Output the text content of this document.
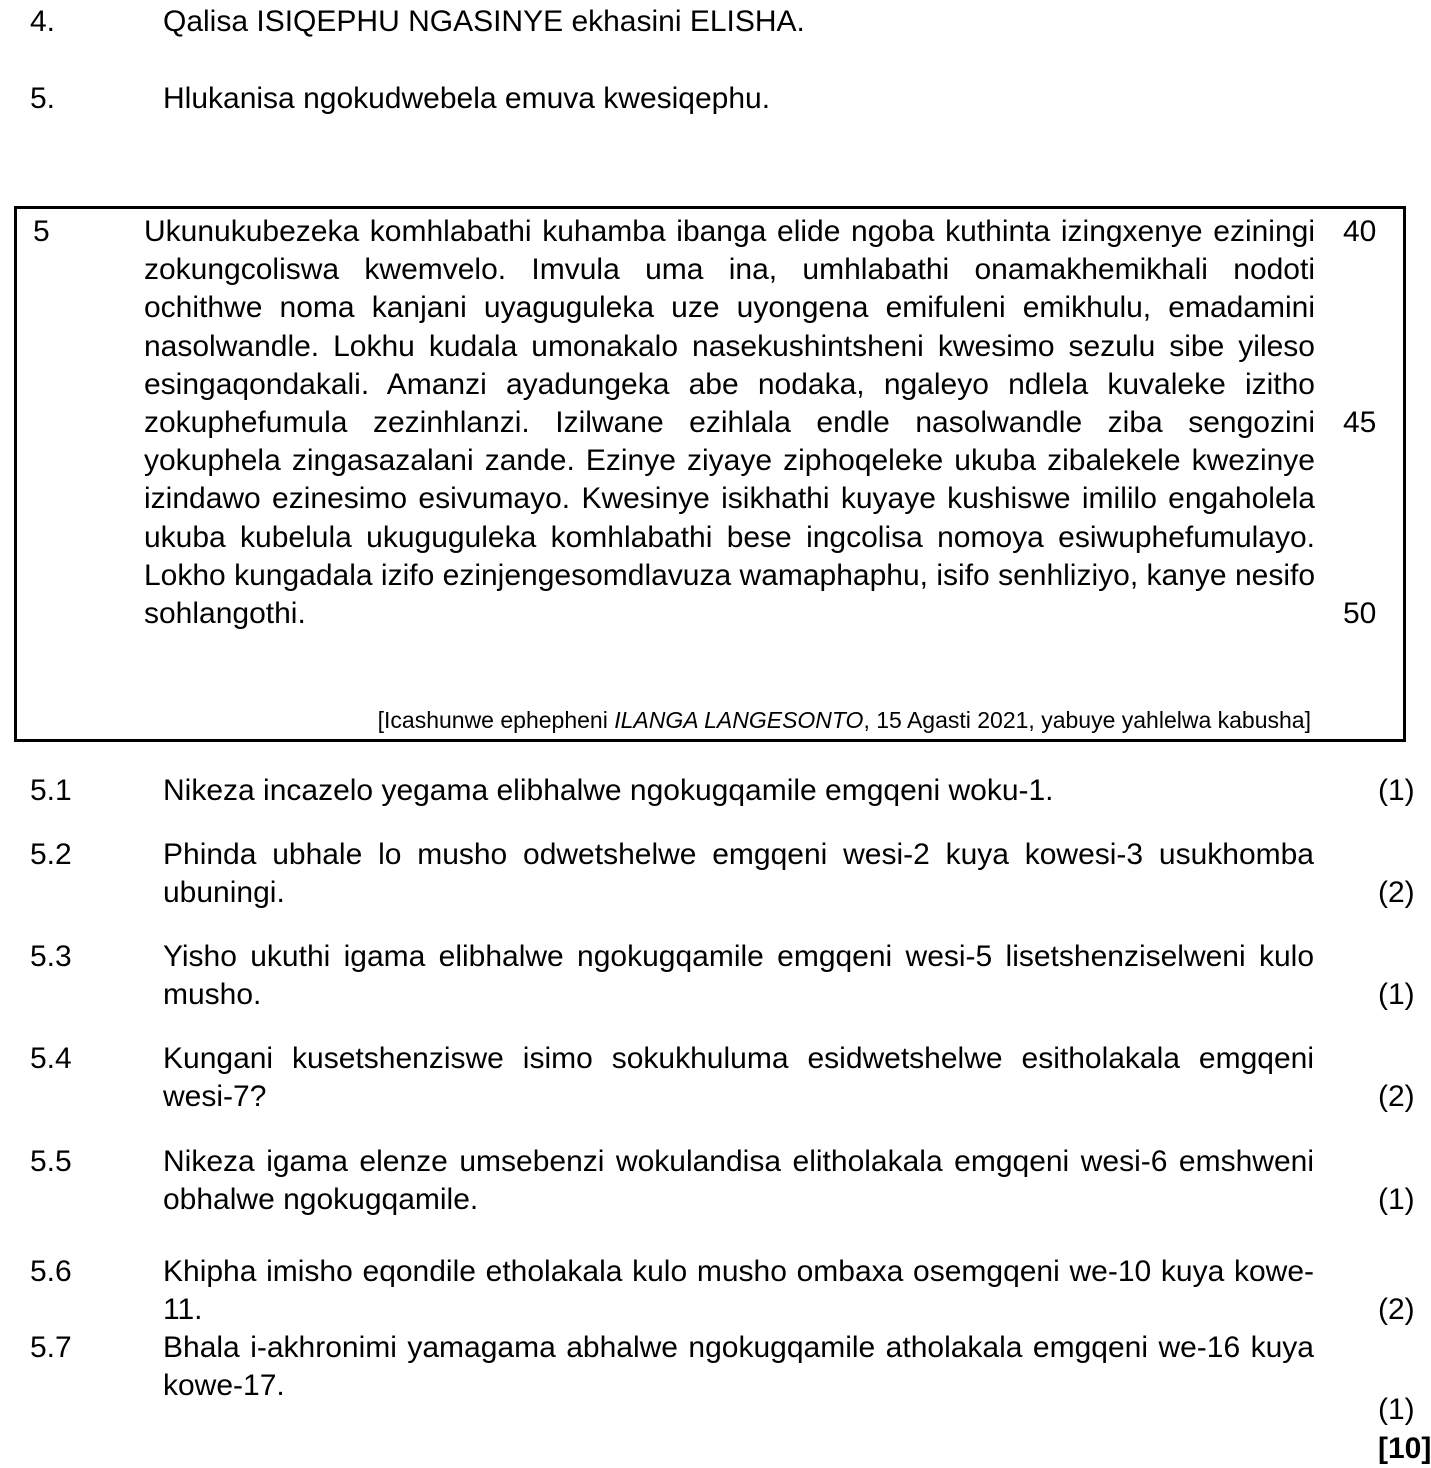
4.	Qalisa ISIQEPHU NGASINYE ekhasini ELISHA.
5.	Hlukanisa ngokudwebela emuva kwesiqephu.
5	Ukunukubezeka komhlabathi kuhamba ibanga elide ngoba kuthinta izingxenye eziningi zokungcoliswa kwemvelo. Imvula uma ina, umhlabathi onamakhemikhali nodoti ochithwe noma kanjani uyaguguleka uze uyongena emifuleni emikhulu, emadamini nasolwandle. Lokhu kudala umonakalo nasekushintsheni kwesimo sezulu sibe yileso esingaqondakali. Amanzi ayadungeka abe nodaka, ngaleyo ndlela kuvaleke izitho zokuphefumula zezinhlanzi. Izilwane ezihlala endle nasolwandle ziba sengozini yokuphela zingasazalani zande. Ezinye ziyaye ziphoqeleke ukuba zibalekele kwezinye izindawo ezinesimo esivumayo. Kwesinye isikhathi kuyaye kushiswe imililo engaholela ukuba kubelula ukuguguleka komhlabathi bese ingcolisa nomoya esiwuphefumulayo. Lokho kungadala izifo ezinjengesomdlavuza wamaphaphu, isifo senhliziyo, kanye nesifo sohlangothi.
40
45
50
[Icashunwe ephepheni ILANGA LANGESONTO, 15 Agasti 2021, yabuye yahlelwa kabusha]
5.1	Nikeza incazelo yegama elibhalwe ngokugqamile emgqeni woku-1.	(1)
5.2	Phinda ubhale lo musho odwetshelwe emgqeni wesi-2 kuya kowesi-3 usukhomba ubuningi.	(2)
5.3	Yisho ukuthi igama elibhalwe ngokugqamile emgqeni wesi-5 lisetshenziselweni kulo musho.	(1)
5.4	Kungani kusetshenziswe isimo sokukhuluma esidwetshelwe esitholakala emgqeni wesi-7?	(2)
5.5	Nikeza igama elenze umsebenzi wokulandisa elitholakala emgqeni wesi-6 emshweni obhalwe ngokugqamile.	(1)
5.6	Khipha imisho eqondile etholakala kulo musho ombaxa osemgqeni we-10 kuya kowe-11.	(2)
5.7	Bhala i-akhronimi yamagama abhalwe ngokugqamile atholakala emgqeni we-16 kuya kowe-17.
(1)
[10]
